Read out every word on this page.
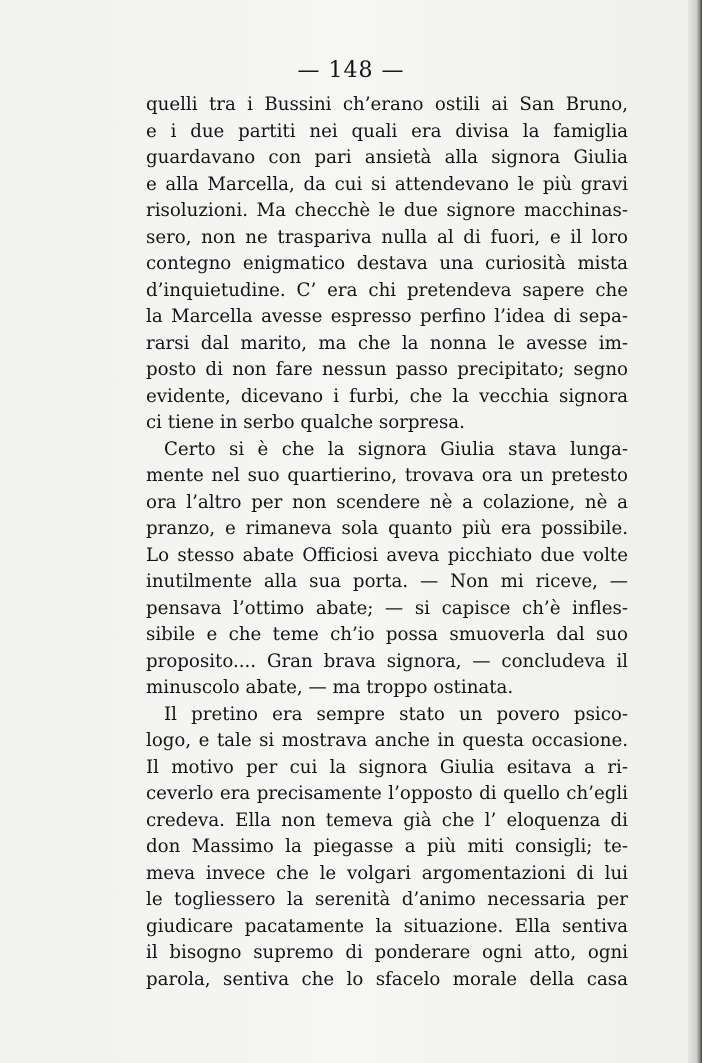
— 148 —
quelli tra i Bussini ch’erano ostili ai San Bruno,
e i due partiti nei quali era divisa la famiglia
guardavano con pari ansietà alla signora Giulia
e alla Marcella, da cui si attendevano le più gravi
risoluzioni. Ma checchè le due signore macchinas-
sero, non ne traspariva nulla al di fuori, e il loro
contegno enigmatico destava una curiosità mista
d’inquietudine. C’ era chi pretendeva sapere che
la Marcella avesse espresso perfino l’idea di sepa-
rarsi dal marito, ma che la nonna le avesse im-
posto di non fare nessun passo precipitato; segno
evidente, dicevano i furbi, che la vecchia signora
ci tiene in serbo qualche sorpresa.
Certo si è che la signora Giulia stava lunga-
mente nel suo quartierino, trovava ora un pretesto
ora l’altro per non scendere nè a colazione, nè a
pranzo, e rimaneva sola quanto più era possibile.
Lo stesso abate Officiosi aveva picchiato due volte
inutilmente alla sua porta. — Non mi riceve, —
pensava l’ottimo abate; — si capisce ch’è infles-
sibile e che teme ch’io possa smuoverla dal suo
proposito.... Gran brava signora, — concludeva il
minuscolo abate, — ma troppo ostinata.
Il pretino era sempre stato un povero psico-
logo, e tale si mostrava anche in questa occasione.
Il motivo per cui la signora Giulia esitava a ri-
ceverlo era precisamente l’opposto di quello ch’egli
credeva. Ella non temeva già che l’ eloquenza di
don Massimo la piegasse a più miti consigli; te-
meva invece che le volgari argomentazioni di lui
le togliessero la serenità d’animo necessaria per
giudicare pacatamente la situazione. Ella sentiva
il bisogno supremo di ponderare ogni atto, ogni
parola, sentiva che lo sfacelo morale della casa
